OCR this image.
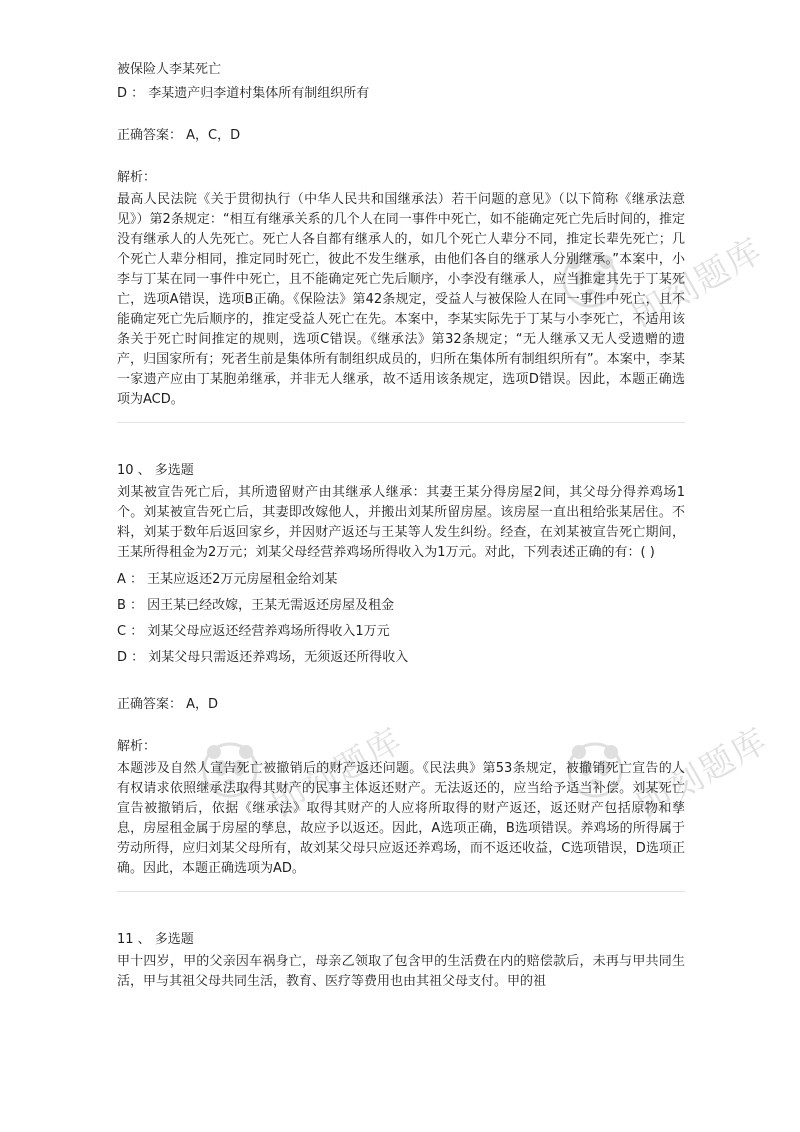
即刻题库
即刻题库	即刻题库
被保险人李某死亡
D ： 李某遗产归李道村集体所有制组织所有
正确答案： A，C，D
解析：
最高人民法院《关于贯彻执行（中华人民共和国继承法）若干问题的意见》（以下简称《继承法意见》）第2条规定：“相互有继承关系的几个人在同一事件中死亡，如不能确定死亡先后时间的，推定没有继承人的人先死亡。死亡人各自都有继承人的，如几个死亡人辈分不同，推定长辈先死亡；几个死亡人辈分相同，推定同时死亡，彼此不发生继承，由他们各自的继承人分别继承。”本案中，小李与丁某在同一事件中死亡，且不能确定死亡先后顺序，小李没有继承人，应当推定其先于丁某死亡，选项A错误，选项B正确。《保险法》第42条规定，受益人与被保险人在同一事件中死亡，且不能确定死亡先后顺序的，推定受益人死亡在先。本案中，李某实际先于丁某与小李死亡，不适用该条关于死亡时间推定的规则，选项C错误。《继承法》第32条规定；“无人继承又无人受遗赠的遗产，归国家所有；死者生前是集体所有制组织成员的，归所在集体所有制组织所有”。本案中，李某一家遗产应由丁某胞弟继承，并非无人继承，故不适用该条规定，选项D错误。因此，本题正确选项为ACD。
10 、 多选题
刘某被宣告死亡后，其所遗留财产由其继承人继承：其妻王某分得房屋2间，其父母分得养鸡场1个。刘某被宣告死亡后，其妻即改嫁他人，并搬出刘某所留房屋。该房屋一直出租给张某居住。不料，刘某于数年后返回家乡，并因财产返还与王某等人发生纠纷。经查，在刘某被宣告死亡期间，王某所得租金为2万元；刘某父母经营养鸡场所得收入为1万元。对此，下列表述正确的有：( )
A ： 王某应返还2万元房屋租金给刘某
B ： 因王某已经改嫁，王某无需返还房屋及租金
C ： 刘某父母应返还经营养鸡场所得收入1万元
D ： 刘某父母只需返还养鸡场，无须返还所得收入
正确答案： A，D
解析：
本题涉及自然人宣告死亡被撤销后的财产返还问题。《民法典》第53条规定，被撤销死亡宣告的人有权请求依照继承法取得其财产的民事主体返还财产。无法返还的，应当给予适当补偿。刘某死亡宣告被撤销后，依据《继承法》取得其财产的人应将所取得的财产返还，返还财产包括原物和孳息，房屋租金属于房屋的孳息，故应予以返还。因此，A选项正确，B选项错误。养鸡场的所得属于劳动所得，应归刘某父母所有，故刘某父母只应返还养鸡场，而不返还收益，C选项错误，D选项正确。因此，本题正确选项为AD。
11 、 多选题
甲十四岁，甲的父亲因车祸身亡，母亲乙领取了包含甲的生活费在内的赔偿款后，未再与甲共同生活，甲与其祖父母共同生活，教育、医疗等费用也由其祖父母支付。甲的祖
